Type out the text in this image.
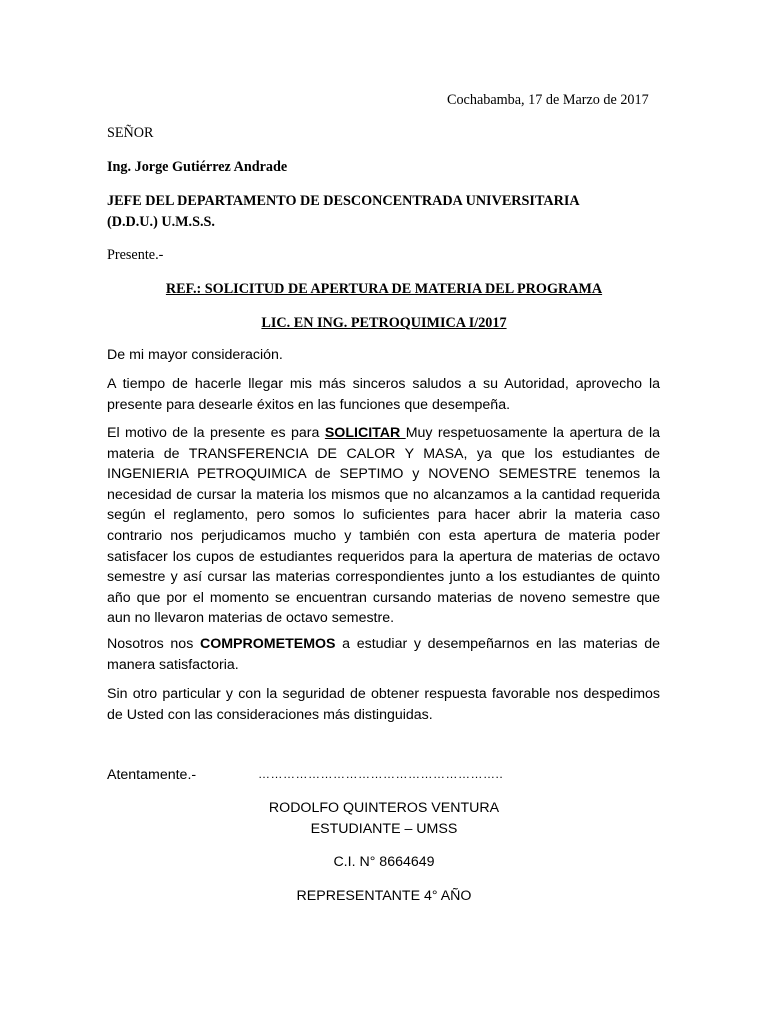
Cochabamba, 17 de Marzo de 2017
SEÑOR
Ing. Jorge Gutiérrez Andrade
JEFE DEL DEPARTAMENTO DE DESCONCENTRADA UNIVERSITARIA
(D.D.U.) U.M.S.S.
Presente.-
REF.: SOLICITUD DE APERTURA DE MATERIA DEL PROGRAMA
LIC. EN ING. PETROQUIMICA I/2017
De mi mayor consideración.

A tiempo de hacerle llegar mis más sinceros saludos a su Autoridad, aprovecho la presente para desearle éxitos en las funciones que desempeña.

El motivo de la presente es para SOLICITAR Muy respetuosamente la apertura de la materia de TRANSFERENCIA DE CALOR Y MASA, ya que los estudiantes de INGENIERIA PETROQUIMICA de SEPTIMO y NOVENO SEMESTRE tenemos la necesidad de cursar la materia los mismos que no alcanzamos a la cantidad requerida según el reglamento, pero somos lo suficientes para hacer abrir la materia caso contrario nos perjudicamos mucho y también con esta apertura de materia poder satisfacer los cupos de estudiantes requeridos para la apertura de materias de octavo semestre y así cursar las materias correspondientes junto a los estudiantes de quinto año que por el momento se encuentran cursando materias de noveno semestre que aun no llevaron materias de octavo semestre.

Nosotros nos COMPROMETEMOS a estudiar y desempeñarnos en las materias de manera satisfactoria.

Sin otro particular y con la seguridad de obtener respuesta favorable nos despedimos de Usted con las consideraciones más distinguidas.

Atentamente.-	…………………………………………………..
RODOLFO QUINTEROS VENTURA
ESTUDIANTE – UMSS
C.I. N° 8664649
REPRESENTANTE 4° AÑO
